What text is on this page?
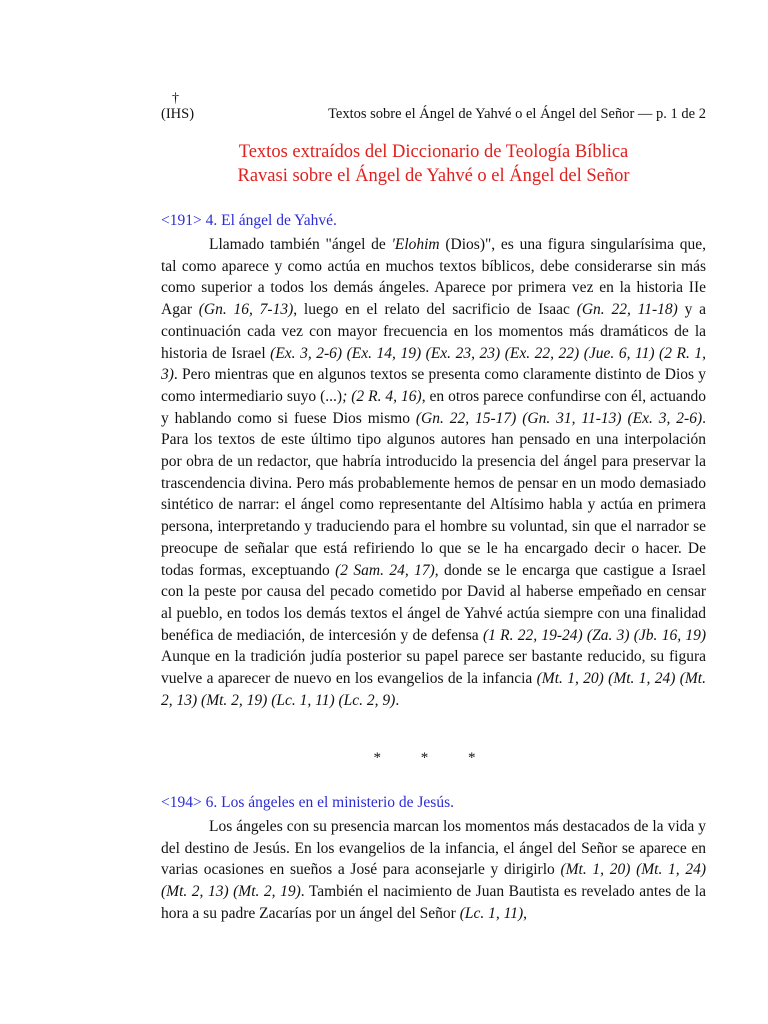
†
(IHS)	Textos sobre el Ángel de Yahvé o el Ángel del Señor — p. 1 de 2
Textos extraídos del Diccionario de Teología Bíblica
Ravasi sobre el Ángel de Yahvé o el Ángel del Señor
<191> 4. El ángel de Yahvé.

Llamado también "ángel de 'Elohim (Dios)", es una figura singularísima que, tal como aparece y como actúa en muchos textos bíblicos, debe considerarse sin más como superior a todos los demás ángeles. Aparece por primera vez en la historia IIe Agar (Gn. 16, 7-13), luego en el relato del sacrificio de Isaac (Gn. 22, 11-18) y a continuación cada vez con mayor frecuencia en los momentos más dramáticos de la historia de Israel (Ex. 3, 2-6) (Ex. 14, 19) (Ex. 23, 23) (Ex. 22, 22) (Jue. 6, 11) (2 R. 1, 3). Pero mientras que en algunos textos se presenta como claramente distinto de Dios y como intermediario suyo (...); (2 R. 4, 16), en otros parece confundirse con él, actuando y hablando como si fuese Dios mismo (Gn. 22, 15-17) (Gn. 31, 11-13) (Ex. 3, 2-6). Para los textos de este último tipo algunos autores han pensado en una interpolación por obra de un redactor, que habría introducido la presencia del ángel para preservar la trascendencia divina. Pero más probablemente hemos de pensar en un modo demasiado sintético de narrar: el ángel como representante del Altísimo habla y actúa en primera persona, interpretando y traduciendo para el hombre su voluntad, sin que el narrador se preocupe de señalar que está refiriendo lo que se le ha encargado decir o hacer. De todas formas, exceptuando (2 Sam. 24, 17), donde se le encarga que castigue a Israel con la peste por causa del pecado cometido por David al haberse empeñado en censar al pueblo, en todos los demás textos el ángel de Yahvé actúa siempre con una finalidad benéfica de mediación, de intercesión y de defensa (1 R. 22, 19-24) (Za. 3) (Jb. 16, 19) Aunque en la tradición judía posterior su papel parece ser bastante reducido, su figura vuelve a aparecer de nuevo en los evangelios de la infancia (Mt. 1, 20) (Mt. 1, 24) (Mt. 2, 13) (Mt. 2, 19) (Lc. 1, 11) (Lc. 2, 9).

* * *
<194> 6. Los ángeles en el ministerio de Jesús.

Los ángeles con su presencia marcan los momentos más destacados de la vida y del destino de Jesús. En los evangelios de la infancia, el ángel del Señor se aparece en varias ocasiones en sueños a José para aconsejarle y dirigirlo (Mt. 1, 20) (Mt. 1, 24) (Mt. 2, 13) (Mt. 2, 19). También el nacimiento de Juan Bautista es revelado antes de la hora a su padre Zacarías por un ángel del Señor (Lc. 1, 11),
